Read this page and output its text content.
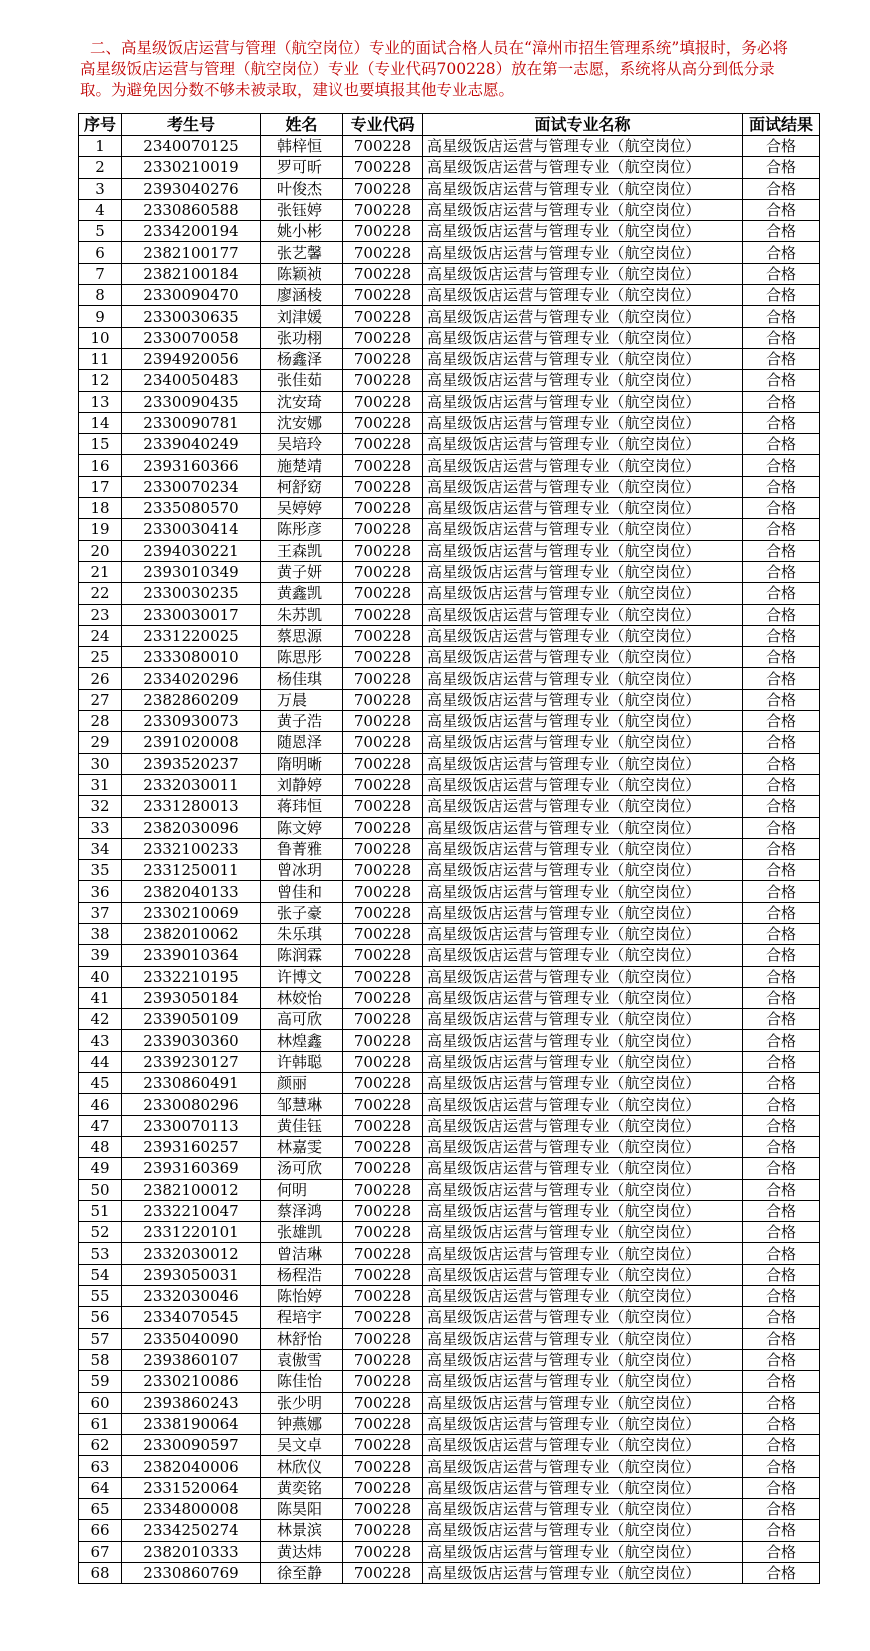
二、高星级饭店运营与管理（航空岗位）专业的面试合格人员在“漳州市招生管理系统”填报时，务必将高星级饭店运营与管理（航空岗位）专业（专业代码700228）放在第一志愿，系统将从高分到低分录取。为避免因分数不够未被录取，建议也要填报其他专业志愿。
序号	考生号	姓名	专业代码	面试专业名称	面试结果
1	2340070125	韩梓恒	700228	高星级饭店运营与管理专业（航空岗位）	合格
2	2330210019	罗可昕	700228	高星级饭店运营与管理专业（航空岗位）	合格
3	2393040276	叶俊杰	700228	高星级饭店运营与管理专业（航空岗位）	合格
4	2330860588	张钰婷	700228	高星级饭店运营与管理专业（航空岗位）	合格
5	2334200194	姚小彬	700228	高星级饭店运营与管理专业（航空岗位）	合格
6	2382100177	张艺馨	700228	高星级饭店运营与管理专业（航空岗位）	合格
7	2382100184	陈颖祯	700228	高星级饭店运营与管理专业（航空岗位）	合格
8	2330090470	廖涵棱	700228	高星级饭店运营与管理专业（航空岗位）	合格
9	2330030635	刘津媛	700228	高星级饭店运营与管理专业（航空岗位）	合格
10	2330070058	张功栩	700228	高星级饭店运营与管理专业（航空岗位）	合格
11	2394920056	杨鑫泽	700228	高星级饭店运营与管理专业（航空岗位）	合格
12	2340050483	张佳茹	700228	高星级饭店运营与管理专业（航空岗位）	合格
13	2330090435	沈安琦	700228	高星级饭店运营与管理专业（航空岗位）	合格
14	2330090781	沈安娜	700228	高星级饭店运营与管理专业（航空岗位）	合格
15	2339040249	吴培玲	700228	高星级饭店运营与管理专业（航空岗位）	合格
16	2393160366	施楚靖	700228	高星级饭店运营与管理专业（航空岗位）	合格
17	2330070234	柯舒窈	700228	高星级饭店运营与管理专业（航空岗位）	合格
18	2335080570	吴婷婷	700228	高星级饭店运营与管理专业（航空岗位）	合格
19	2330030414	陈彤彦	700228	高星级饭店运营与管理专业（航空岗位）	合格
20	2394030221	王森凯	700228	高星级饭店运营与管理专业（航空岗位）	合格
21	2393010349	黄子妍	700228	高星级饭店运营与管理专业（航空岗位）	合格
22	2330030235	黄鑫凯	700228	高星级饭店运营与管理专业（航空岗位）	合格
23	2330030017	朱苏凯	700228	高星级饭店运营与管理专业（航空岗位）	合格
24	2331220025	蔡思源	700228	高星级饭店运营与管理专业（航空岗位）	合格
25	2333080010	陈思彤	700228	高星级饭店运营与管理专业（航空岗位）	合格
26	2334020296	杨佳琪	700228	高星级饭店运营与管理专业（航空岗位）	合格
27	2382860209	万晨	700228	高星级饭店运营与管理专业（航空岗位）	合格
28	2330930073	黄子浩	700228	高星级饭店运营与管理专业（航空岗位）	合格
29	2391020008	随恩泽	700228	高星级饭店运营与管理专业（航空岗位）	合格
30	2393520237	隋明晰	700228	高星级饭店运营与管理专业（航空岗位）	合格
31	2332030011	刘静婷	700228	高星级饭店运营与管理专业（航空岗位）	合格
32	2331280013	蒋玮恒	700228	高星级饭店运营与管理专业（航空岗位）	合格
33	2382030096	陈文婷	700228	高星级饭店运营与管理专业（航空岗位）	合格
34	2332100233	鲁菁雅	700228	高星级饭店运营与管理专业（航空岗位）	合格
35	2331250011	曾冰玥	700228	高星级饭店运营与管理专业（航空岗位）	合格
36	2382040133	曾佳和	700228	高星级饭店运营与管理专业（航空岗位）	合格
37	2330210069	张子豪	700228	高星级饭店运营与管理专业（航空岗位）	合格
38	2382010062	朱乐琪	700228	高星级饭店运营与管理专业（航空岗位）	合格
39	2339010364	陈润霖	700228	高星级饭店运营与管理专业（航空岗位）	合格
40	2332210195	许博文	700228	高星级饭店运营与管理专业（航空岗位）	合格
41	2393050184	林姣怡	700228	高星级饭店运营与管理专业（航空岗位）	合格
42	2339050109	高可欣	700228	高星级饭店运营与管理专业（航空岗位）	合格
43	2339030360	林煌鑫	700228	高星级饭店运营与管理专业（航空岗位）	合格
44	2339230127	许韩聪	700228	高星级饭店运营与管理专业（航空岗位）	合格
45	2330860491	颜丽	700228	高星级饭店运营与管理专业（航空岗位）	合格
46	2330080296	邹慧琳	700228	高星级饭店运营与管理专业（航空岗位）	合格
47	2330070113	黄佳钰	700228	高星级饭店运营与管理专业（航空岗位）	合格
48	2393160257	林嘉雯	700228	高星级饭店运营与管理专业（航空岗位）	合格
49	2393160369	汤可欣	700228	高星级饭店运营与管理专业（航空岗位）	合格
50	2382100012	何明	700228	高星级饭店运营与管理专业（航空岗位）	合格
51	2332210047	蔡泽鸿	700228	高星级饭店运营与管理专业（航空岗位）	合格
52	2331220101	张雄凯	700228	高星级饭店运营与管理专业（航空岗位）	合格
53	2332030012	曾洁琳	700228	高星级饭店运营与管理专业（航空岗位）	合格
54	2393050031	杨程浩	700228	高星级饭店运营与管理专业（航空岗位）	合格
55	2332030046	陈怡婷	700228	高星级饭店运营与管理专业（航空岗位）	合格
56	2334070545	程培宇	700228	高星级饭店运营与管理专业（航空岗位）	合格
57	2335040090	林舒怡	700228	高星级饭店运营与管理专业（航空岗位）	合格
58	2393860107	袁傲雪	700228	高星级饭店运营与管理专业（航空岗位）	合格
59	2330210086	陈佳怡	700228	高星级饭店运营与管理专业（航空岗位）	合格
60	2393860243	张少明	700228	高星级饭店运营与管理专业（航空岗位）	合格
61	2338190064	钟燕娜	700228	高星级饭店运营与管理专业（航空岗位）	合格
62	2330090597	吴文卓	700228	高星级饭店运营与管理专业（航空岗位）	合格
63	2382040006	林欣仪	700228	高星级饭店运营与管理专业（航空岗位）	合格
64	2331520064	黄奕铭	700228	高星级饭店运营与管理专业（航空岗位）	合格
65	2334800008	陈昊阳	700228	高星级饭店运营与管理专业（航空岗位）	合格
66	2334250274	林景滨	700228	高星级饭店运营与管理专业（航空岗位）	合格
67	2382010333	黄达炜	700228	高星级饭店运营与管理专业（航空岗位）	合格
68	2330860769	徐至静	700228	高星级饭店运营与管理专业（航空岗位）	合格
